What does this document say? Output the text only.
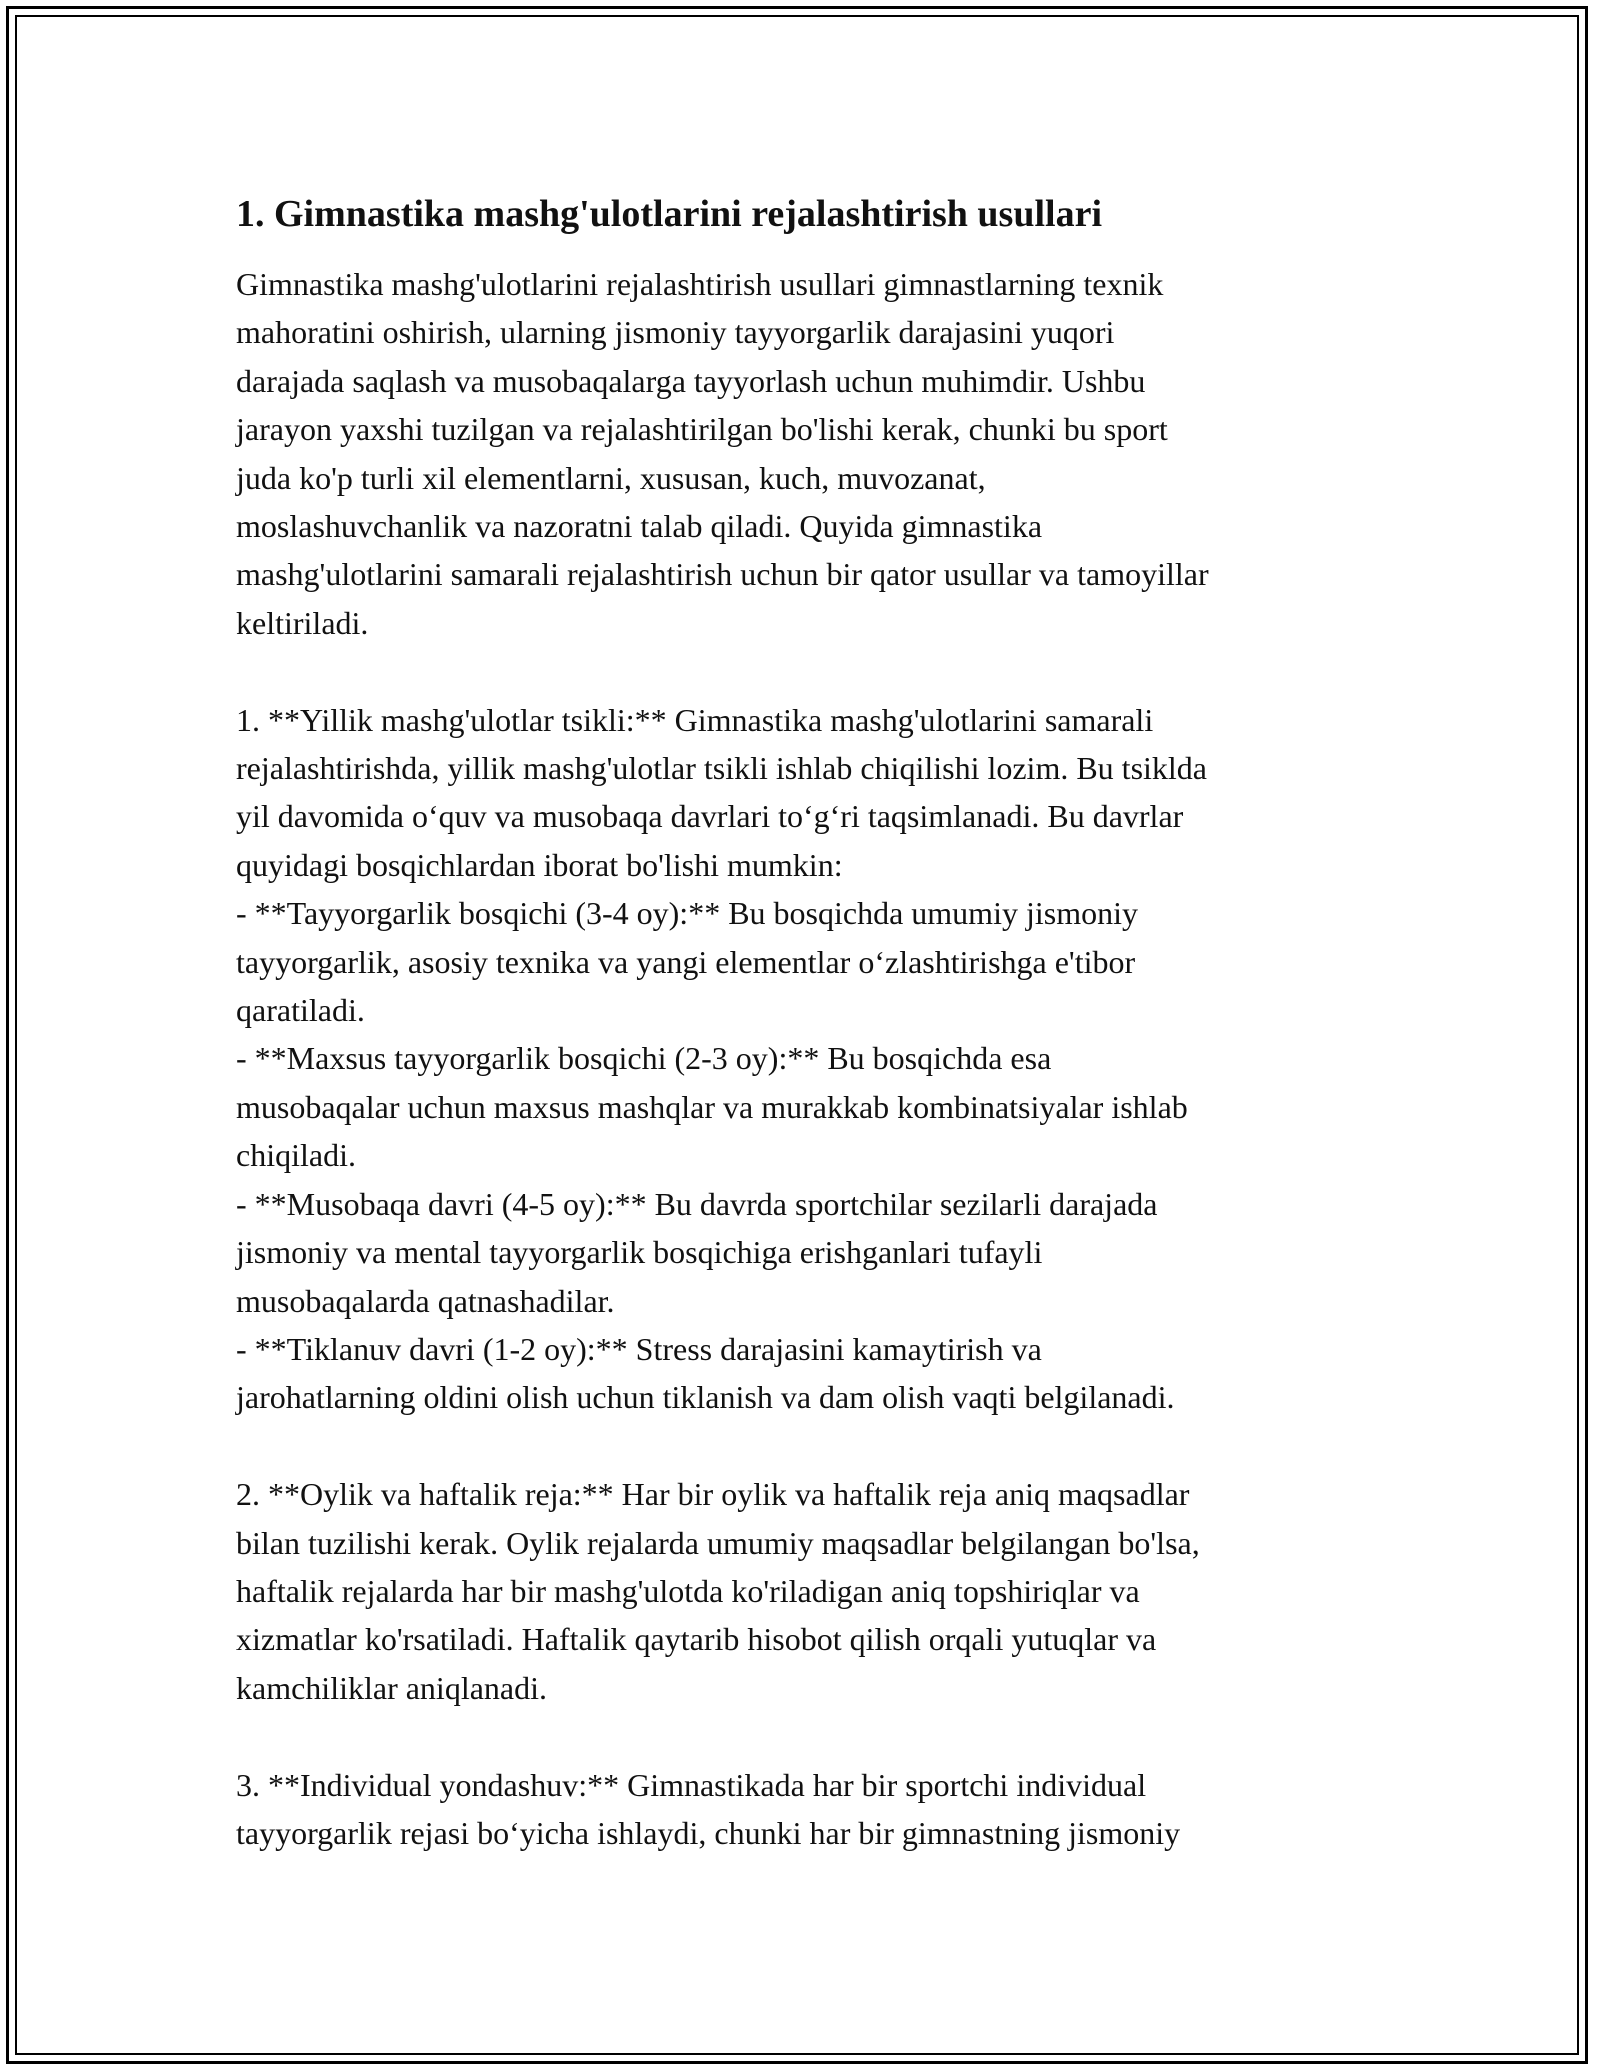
1. Gimnastika mashg'ulotlarini rejalashtirish usullari

Gimnastika mashg'ulotlarini rejalashtirish usullari gimnastlarning texnik
mahoratini oshirish, ularning jismoniy tayyorgarlik darajasini yuqori
darajada saqlash va musobaqalarga tayyorlash uchun muhimdir. Ushbu
jarayon yaxshi tuzilgan va rejalashtirilgan bo'lishi kerak, chunki bu sport
juda ko'p turli xil elementlarni, xususan, kuch, muvozanat,
moslashuvchanlik va nazoratni talab qiladi. Quyida gimnastika
mashg'ulotlarini samarali rejalashtirish uchun bir qator usullar va tamoyillar
keltiriladi.

1. **Yillik mashg'ulotlar tsikli:** Gimnastika mashg'ulotlarini samarali
rejalashtirishda, yillik mashg'ulotlar tsikli ishlab chiqilishi lozim. Bu tsiklda
yil davomida o‘quv va musobaqa davrlari to‘g‘ri taqsimlanadi. Bu davrlar
quyidagi bosqichlardan iborat bo'lishi mumkin:
- **Tayyorgarlik bosqichi (3-4 oy):** Bu bosqichda umumiy jismoniy
tayyorgarlik, asosiy texnika va yangi elementlar o‘zlashtirishga e'tibor
qaratiladi.
- **Maxsus tayyorgarlik bosqichi (2-3 oy):** Bu bosqichda esa
musobaqalar uchun maxsus mashqlar va murakkab kombinatsiyalar ishlab
chiqiladi.
- **Musobaqa davri (4-5 oy):** Bu davrda sportchilar sezilarli darajada
jismoniy va mental tayyorgarlik bosqichiga erishganlari tufayli
musobaqalarda qatnashadilar.
- **Tiklanuv davri (1-2 oy):** Stress darajasini kamaytirish va
jarohatlarning oldini olish uchun tiklanish va dam olish vaqti belgilanadi.

2. **Oylik va haftalik reja:** Har bir oylik va haftalik reja aniq maqsadlar
bilan tuzilishi kerak. Oylik rejalarda umumiy maqsadlar belgilangan bo'lsa,
haftalik rejalarda har bir mashg'ulotda ko'riladigan aniq topshiriqlar va
xizmatlar ko'rsatiladi. Haftalik qaytarib hisobot qilish orqali yutuqlar va
kamchiliklar aniqlanadi.

3. **Individual yondashuv:** Gimnastikada har bir sportchi individual
tayyorgarlik rejasi bo‘yicha ishlaydi, chunki har bir gimnastning jismoniy
